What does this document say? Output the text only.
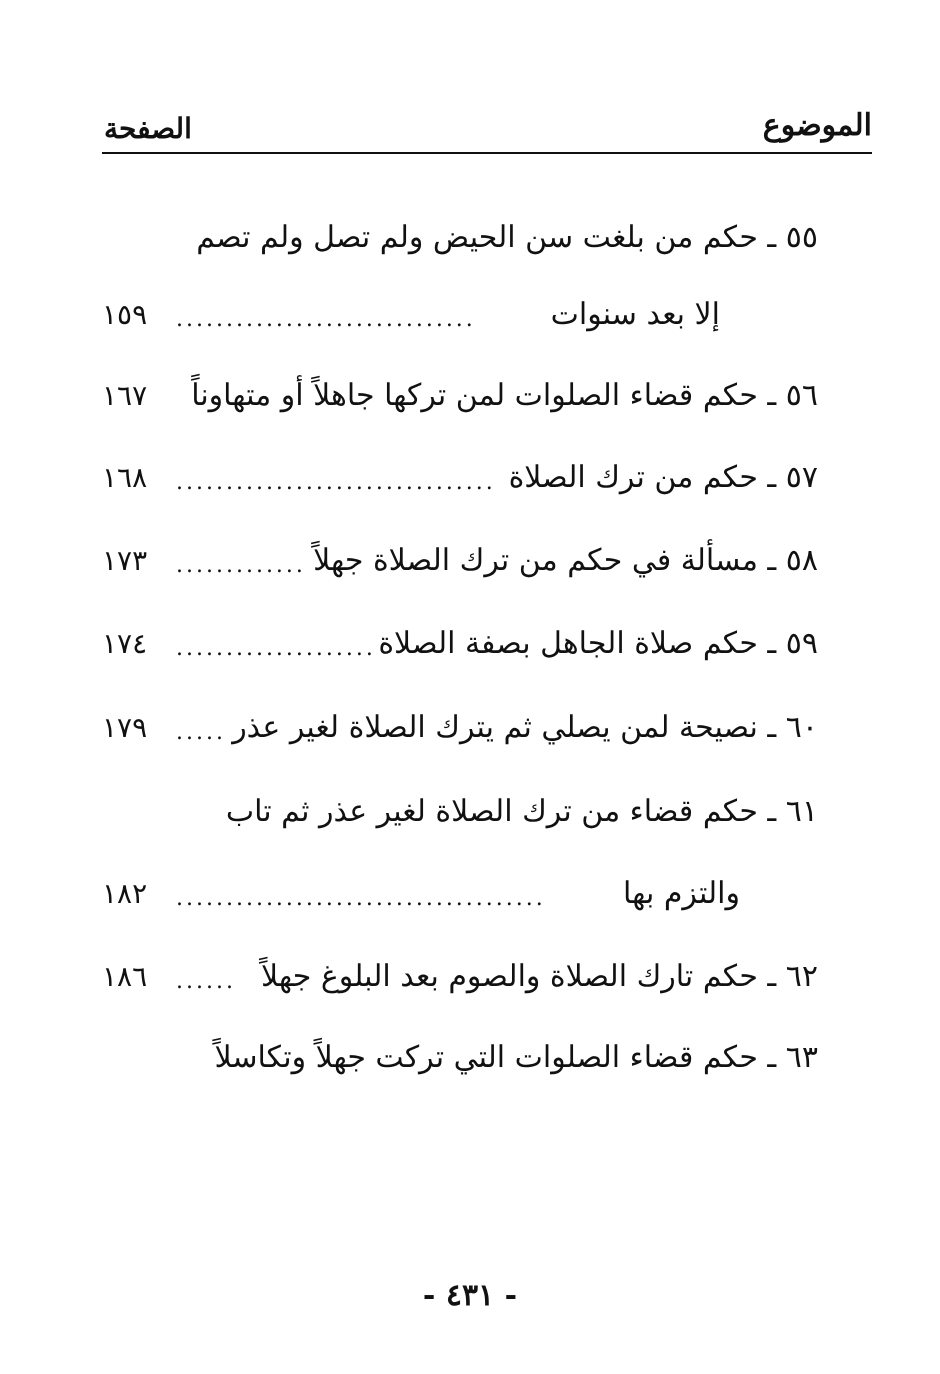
الموضوع
الصفحة
٥٥ ـ حكم من بلغت سن الحيض ولم تصل ولم تصم
إلا بعد سنوات
..............................
١٥٩
٥٦ ـ حكم قضاء الصلوات لمن تركها جاهلاً أو متهاوناً
١٦٧
٥٧ ـ حكم من ترك الصلاة
................................
١٦٨
٥٨ ـ مسألة في حكم من ترك الصلاة جهلاً
.............
١٧٣
٥٩ ـ حكم صلاة الجاهل بصفة الصلاة
....................
١٧٤
٦٠ ـ نصيحة لمن يصلي ثم يترك الصلاة لغير عذر
.....
١٧٩
٦١ ـ حكم قضاء من ترك الصلاة لغير عذر ثم تاب
والتزم بها
.....................................
١٨٢
٦٢ ـ حكم تارك الصلاة والصوم بعد البلوغ جهلاً
......
١٨٦
٦٣ ـ حكم قضاء الصلوات التي تركت جهلاً وتكاسلاً
- ٤٣١ -
